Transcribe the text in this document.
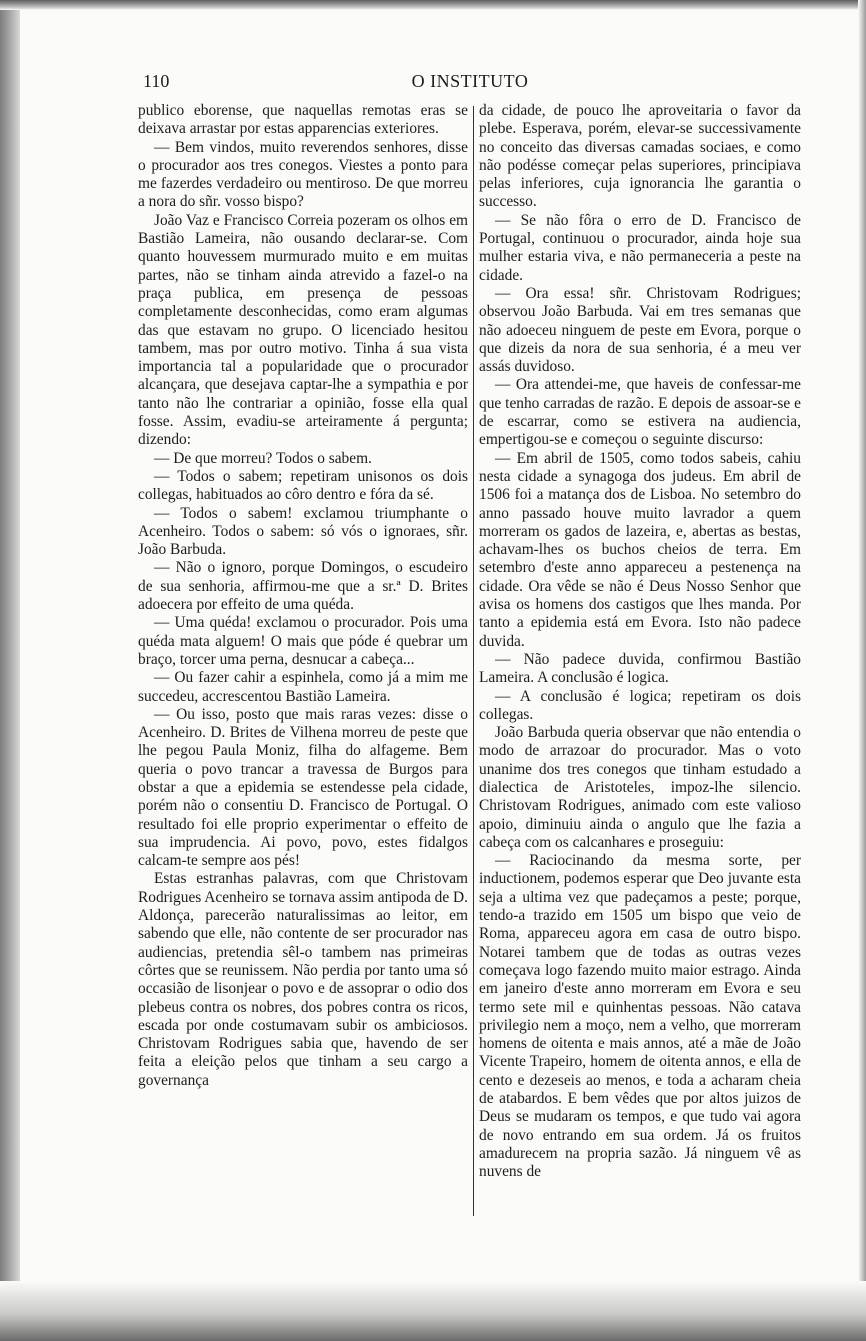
110	O INSTITUTO

publico eborense, que naquellas remotas eras se deixava arrastar por estas apparencias exteriores.

— Bem vindos, muito reverendos senhores, disse o procurador aos tres conegos. Viestes a ponto para me fazerdes verdadeiro ou mentiroso. De que morreu a nora do sñr. vosso bispo?

João Vaz e Francisco Correia pozeram os olhos em Bastião Lameira, não ousando declarar-se. Com quanto houvessem murmurado muito e em muitas partes, não se tinham ainda atrevido a fazel-o na praça publica, em presença de pessoas completamente desconhecidas, como eram algumas das que estavam no grupo. O licenciado hesitou tambem, mas por outro motivo. Tinha á sua vista importancia tal a popularidade que o procurador alcançara, que desejava captar-lhe a sympathia e por tanto não lhe contrariar a opinião, fosse ella qual fosse. Assim, evadiu-se arteiramente á pergunta; dizendo:

— De que morreu? Todos o sabem.

— Todos o sabem; repetiram unisonos os dois collegas, habituados ao côro dentro e fóra da sé.

— Todos o sabem! exclamou triumphante o Acenheiro. Todos o sabem: só vós o ignoraes, sñr. João Barbuda.

— Não o ignoro, porque Domingos, o escudeiro de sua senhoria, affirmou-me que a sr.ª D. Brites adoecera por effeito de uma quéda.

— Uma quéda! exclamou o procurador. Pois uma quéda mata alguem! O mais que póde é quebrar um braço, torcer uma perna, desnucar a cabeça...

— Ou fazer cahir a espinhela, como já a mim me succedeu, accrescentou Bastião Lameira.

— Ou isso, posto que mais raras vezes: disse o Acenheiro. D. Brites de Vilhena morreu de peste que lhe pegou Paula Moniz, filha do alfageme. Bem queria o povo trancar a travessa de Burgos para obstar a que a epidemia se estendesse pela cidade, porém não o consentiu D. Francisco de Portugal. O resultado foi elle proprio experimentar o effeito de sua imprudencia. Ai povo, povo, estes fidalgos calcam-te sempre aos pés!

Estas estranhas palavras, com que Christovam Rodrigues Acenheiro se tornava assim antipoda de D. Aldonça, parecerão naturalissimas ao leitor, em sabendo que elle, não contente de ser procurador nas audiencias, pretendia sêl-o tambem nas primeiras côrtes que se reunissem. Não perdia por tanto uma só occasião de lisonjear o povo e de assoprar o odio dos plebeus contra os nobres, dos pobres contra os ricos, escada por onde costumavam subir os ambiciosos. Christovam Rodrigues sabia que, havendo de ser feita a eleição pelos que tinham a seu cargo a governança

da cidade, de pouco lhe aproveitaria o favor da plebe. Esperava, porém, elevar-se successivamente no conceito das diversas camadas sociaes, e como não podésse começar pelas superiores, principiava pelas inferiores, cuja ignorancia lhe garantia o successo.

— Se não fôra o erro de D. Francisco de Portugal, continuou o procurador, ainda hoje sua mulher estaria viva, e não permaneceria a peste na cidade.

— Ora essa! sñr. Christovam Rodrigues; observou João Barbuda. Vai em tres semanas que não adoeceu ninguem de peste em Evora, porque o que dizeis da nora de sua senhoria, é a meu ver assás duvidoso.

— Ora attendei-me, que haveis de confessar-me que tenho carradas de razão. E depois de assoar-se e de escarrar, como se estivera na audiencia, empertigou-se e começou o seguinte discurso:

— Em abril de 1505, como todos sabeis, cahiu nesta cidade a synagoga dos judeus. Em abril de 1506 foi a matança dos de Lisboa. No setembro do anno passado houve muito lavrador a quem morreram os gados de lazeira, e, abertas as bestas, achavam-lhes os buchos cheios de terra. Em setembro d'este anno appareceu a pestenença na cidade. Ora vêde se não é Deus Nosso Senhor que avisa os homens dos castigos que lhes manda. Por tanto a epidemia está em Evora. Isto não padece duvida.

— Não padece duvida, confirmou Bastião Lameira. A conclusão é logica.

— A conclusão é logica; repetiram os dois collegas.

João Barbuda queria observar que não entendia o modo de arrazoar do procurador. Mas o voto unanime dos tres conegos que tinham estudado a dialectica de Aristoteles, impoz-lhe silencio. Christovam Rodrigues, animado com este valioso apoio, diminuiu ainda o angulo que lhe fazia a cabeça com os calcanhares e proseguiu:

— Raciocinando da mesma sorte, per inductionem, podemos esperar que Deo juvante esta seja a ultima vez que padeçamos a peste; porque, tendo-a trazido em 1505 um bispo que veio de Roma, appareceu agora em casa de outro bispo. Notarei tambem que de todas as outras vezes começava logo fazendo muito maior estrago. Ainda em janeiro d'este anno morreram em Evora e seu termo sete mil e quinhentas pessoas. Não catava privilegio nem a moço, nem a velho, que morreram homens de oitenta e mais annos, até a mãe de João Vicente Trapeiro, homem de oitenta annos, e ella de cento e dezeseis ao menos, e toda a acharam cheia de atabardos. E bem vêdes que por altos juizos de Deus se mudaram os tempos, e que tudo vai agora de novo entrando em sua ordem. Já os fruitos amadurecem na propria sazão. Já ninguem vê as nuvens de
